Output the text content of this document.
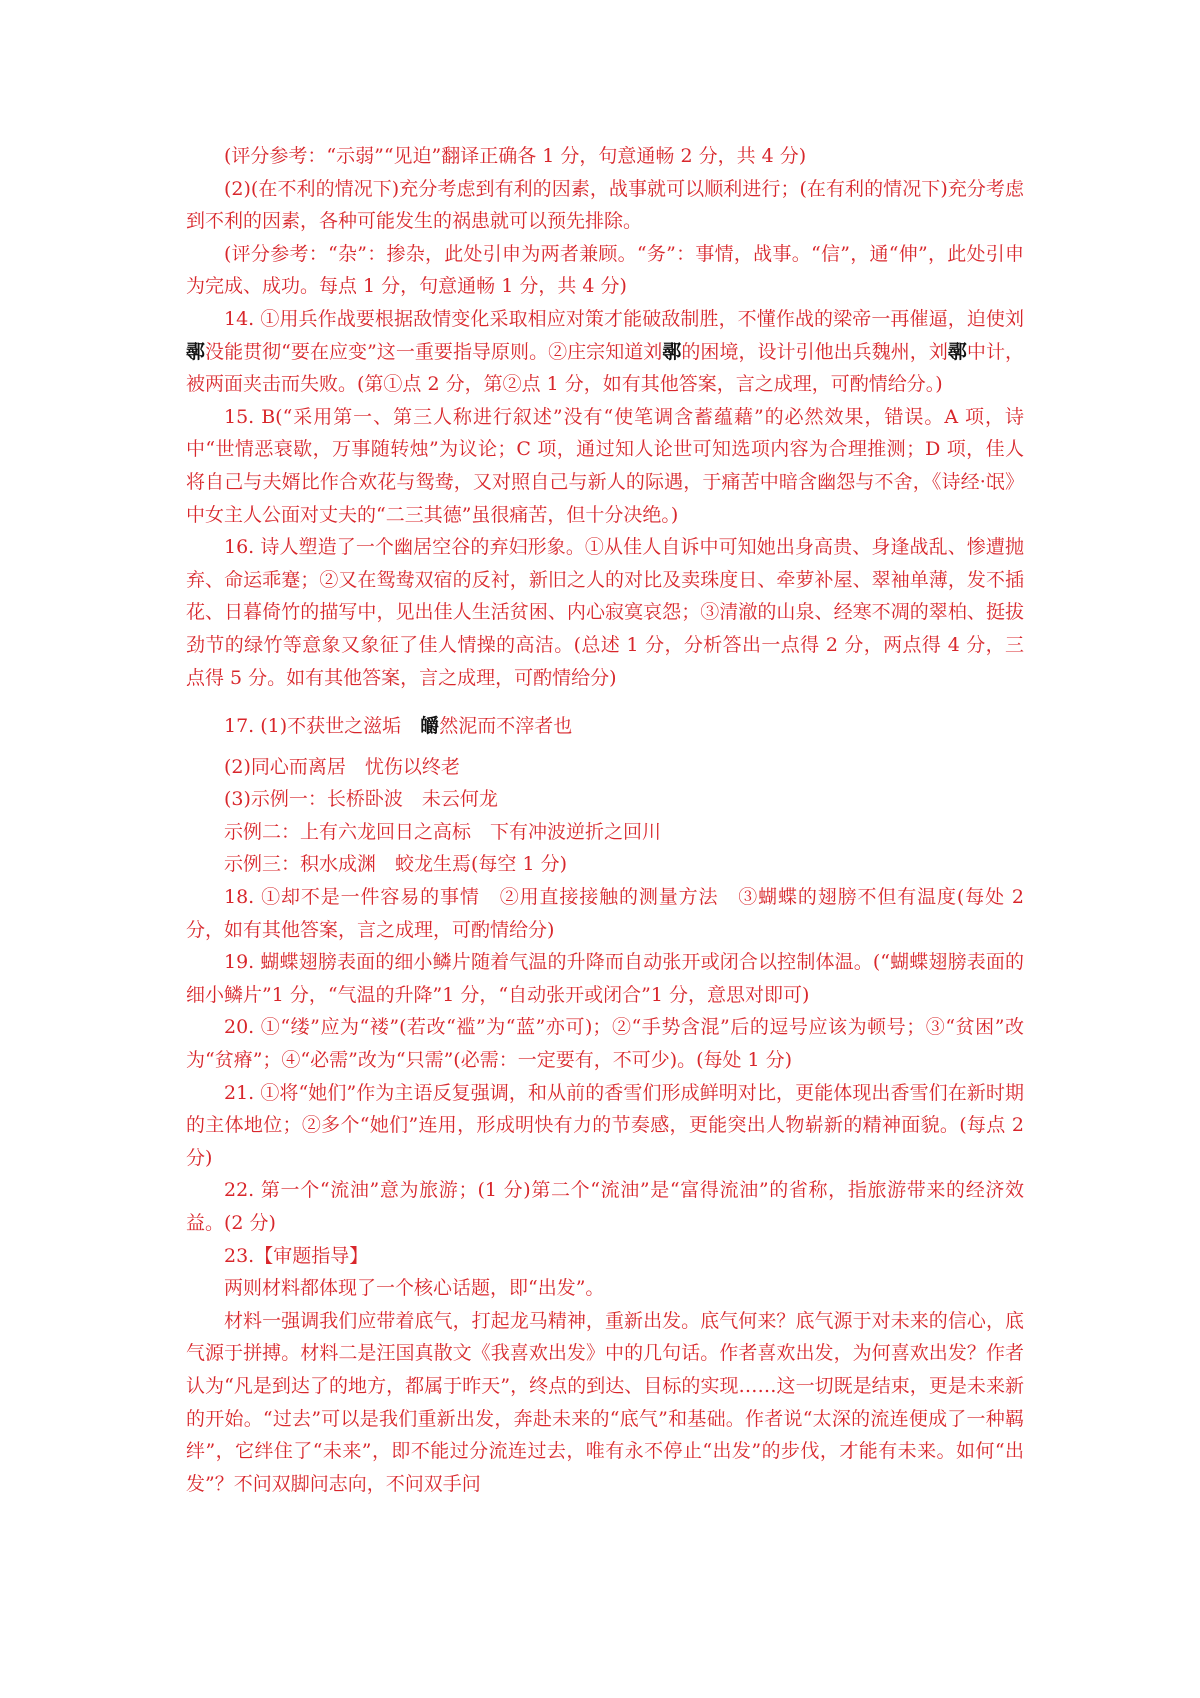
(评分参考：“示弱”“见迫”翻译正确各 1 分，句意通畅 2 分，共 4 分)

(2)(在不利的情况下)充分考虑到有利的因素，战事就可以顺利进行；(在有利的情况下)充分考虑到不利的因素，各种可能发生的祸患就可以预先排除。

(评分参考：“杂”：掺杂，此处引申为两者兼顾。“务”：事情，战事。“信”，通“伸”，此处引申为完成、成功。每点 1 分，句意通畅 1 分，共 4 分)

14. ①用兵作战要根据敌情变化采取相应对策才能破敌制胜，不懂作战的梁帝一再催逼，迫使刘鄩没能贯彻“要在应变”这一重要指导原则。②庄宗知道刘鄩的困境，设计引他出兵魏州，刘鄩中计，被两面夹击而失败。(第①点 2 分，第②点 1 分，如有其他答案，言之成理，可酌情给分。)

15. B(“采用第一、第三人称进行叙述”没有“使笔调含蓄蕴藉”的必然效果，错误。A 项，诗中“世情恶衰歇，万事随转烛”为议论；C 项，通过知人论世可知选项内容为合理推测；D 项，佳人将自己与夫婿比作合欢花与鸳鸯，又对照自己与新人的际遇，于痛苦中暗含幽怨与不舍，《诗经·氓》中女主人公面对丈夫的“二三其德”虽很痛苦，但十分决绝。)

16. 诗人塑造了一个幽居空谷的弃妇形象。①从佳人自诉中可知她出身高贵、身逢战乱、惨遭抛弃、命运乖蹇；②又在鸳鸯双宿的反衬，新旧之人的对比及卖珠度日、牵萝补屋、翠袖单薄，发不插花、日暮倚竹的描写中，见出佳人生活贫困、内心寂寞哀怨；③清澈的山泉、经寒不凋的翠柏、挺拔劲节的绿竹等意象又象征了佳人情操的高洁。(总述 1 分，分析答出一点得 2 分，两点得 4 分，三点得 5 分。如有其他答案，言之成理，可酌情给分)

17. (1)不获世之滋垢　皭然泥而不滓者也

(2)同心而离居　忧伤以终老

(3)示例一：长桥卧波　未云何龙

示例二：上有六龙回日之高标　下有冲波逆折之回川

示例三：积水成渊　蛟龙生焉(每空 1 分)

18. ①却不是一件容易的事情　②用直接接触的测量方法　③蝴蝶的翅膀不但有温度(每处 2 分，如有其他答案，言之成理，可酌情给分)

19. 蝴蝶翅膀表面的细小鳞片随着气温的升降而自动张开或闭合以控制体温。(“蝴蝶翅膀表面的细小鳞片”1 分，“气温的升降”1 分，“自动张开或闭合”1 分，意思对即可)

20. ①“缕”应为“褛”(若改“褴”为“蓝”亦可)；②“手势含混”后的逗号应该为顿号；③“贫困”改为“贫瘠”；④“必需”改为“只需”(必需：一定要有，不可少)。(每处 1 分)

21. ①将“她们”作为主语反复强调，和从前的香雪们形成鲜明对比，更能体现出香雪们在新时期的主体地位；②多个“她们”连用，形成明快有力的节奏感，更能突出人物崭新的精神面貌。(每点 2 分)

22. 第一个“流油”意为旅游；(1 分)第二个“流油”是“富得流油”的省称，指旅游带来的经济效益。(2 分)

23.【审题指导】

两则材料都体现了一个核心话题，即“出发”。

材料一强调我们应带着底气，打起龙马精神，重新出发。底气何来？底气源于对未来的信心，底气源于拼搏。材料二是汪国真散文《我喜欢出发》中的几句话。作者喜欢出发，为何喜欢出发？作者认为“凡是到达了的地方，都属于昨天”，终点的到达、目标的实现……这一切既是结束，更是未来新的开始。“过去”可以是我们重新出发，奔赴未来的“底气”和基础。作者说“太深的流连便成了一种羁绊”，它绊住了“未来”，即不能过分流连过去，唯有永不停止“出发”的步伐，才能有未来。如何“出发”？不问双脚问志向，不问双手问
